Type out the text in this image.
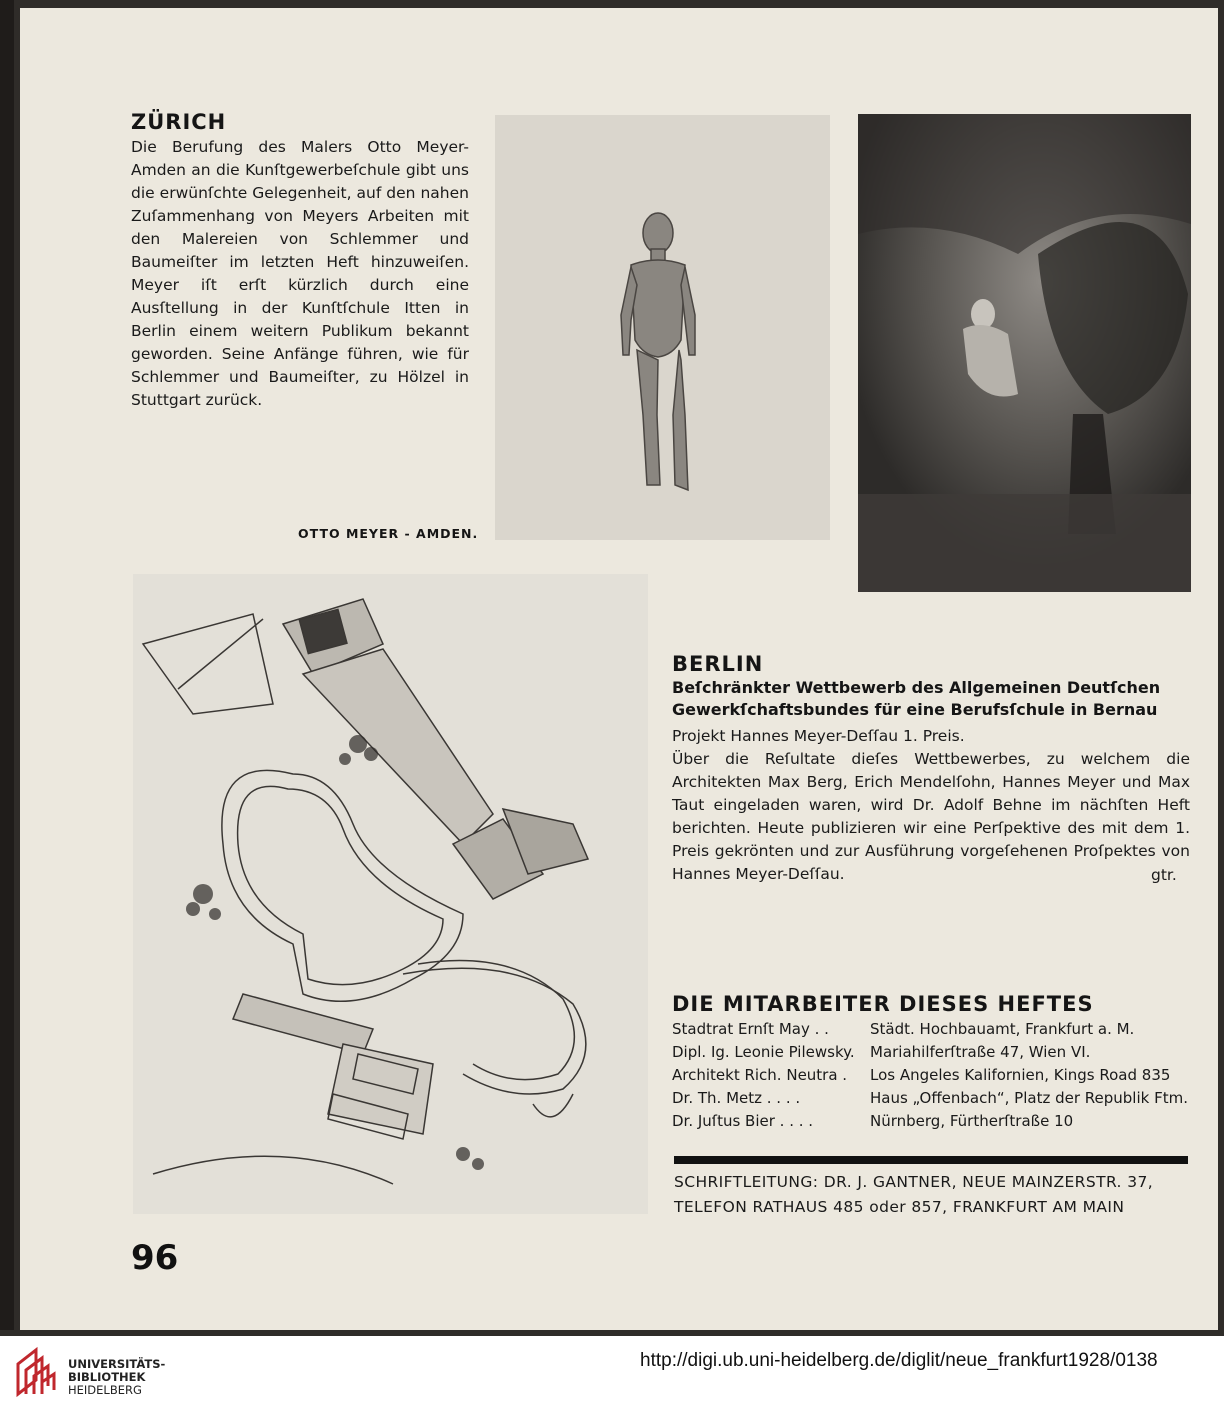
ZÜRICH

Die Berufung des Malers Otto Meyer-Amden an die Kunſtgewerbeſchule gibt uns die erwünſchte Gelegenheit, auf den nahen Zuſammenhang von Meyers Arbeiten mit den Malereien von Schlemmer und Baumeiſter im letzten Heft hinzuweiſen. Meyer iſt erſt kürzlich durch eine Ausſtellung in der Kunſtſchule Itten in Berlin einem weitern Publikum bekannt geworden. Seine Anfänge führen, wie für Schlemmer und Baumeiſter, zu Hölzel in Stuttgart zurück.

OTTO MEYER - AMDEN.
BERLIN
Beſchränkter Wettbewerb des Allgemeinen Deutſchen Gewerkſchaftsbundes für eine Berufsſchule in Bernau

Projekt Hannes Meyer-Deſſau 1. Preis.

Über die Reſultate dieſes Wettbewerbes, zu welchem die Architekten Max Berg, Erich Mendelſohn, Hannes Meyer und Max Taut eingeladen waren, wird Dr. Adolf Behne im nächſten Heft berichten. Heute publizieren wir eine Perſpektive des mit dem 1. Preis gekrönten und zur Ausführung vorgeſehenen Proſpektes von Hannes Meyer-Deſſau.	gtr.
DIE MITARBEITER DIESES HEFTES
Stadtrat Ernſt May . .	Städt. Hochbauamt, Frankfurt a. M.
Dipl. Ig. Leonie Pilewsky.	Mariahilferſtraße 47, Wien VI.
Architekt Rich. Neutra .	Los Angeles Kalifornien, Kings Road 835
Dr. Th. Metz . . . .	Haus „Offenbach“, Platz der Republik Ftm.
Dr. Juſtus Bier . . . .	Nürnberg, Fürtherſtraße 10
SCHRIFTLEITUNG: DR. J. GANTNER, NEUE MAINZERSTR. 37,
TELEFON RATHAUS 485 oder 857, FRANKFURT AM MAIN
96
UNIVERSITÄTS-
BIBLIOTHEK
HEIDELBERG
http://digi.ub.uni-heidelberg.de/diglit/neue_frankfurt1928/0138
